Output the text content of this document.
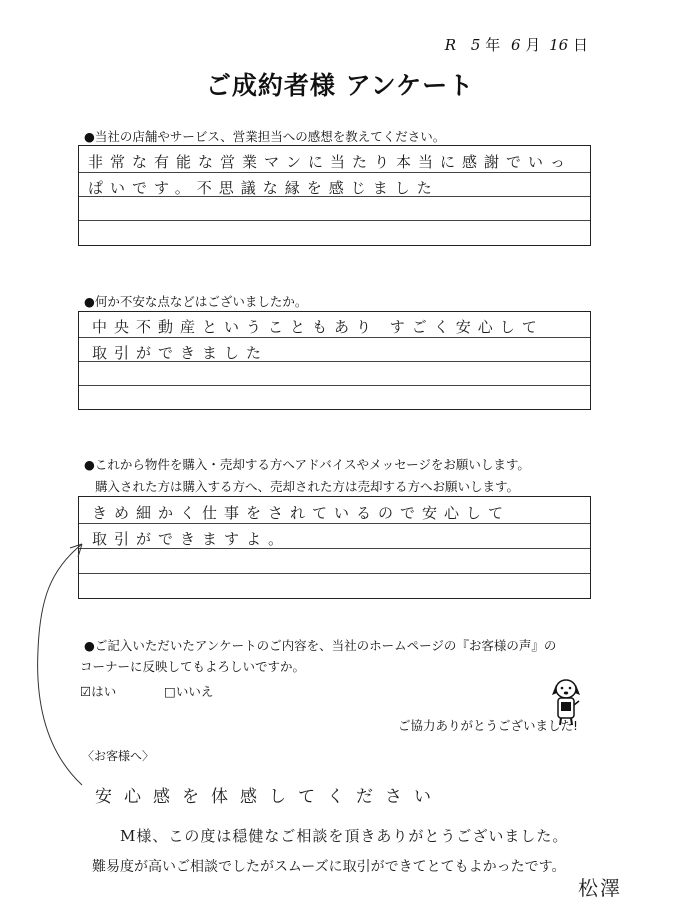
R 5 年 6 月 16 日
ご成約者様 アンケート
●当社の店舗やサービス、営業担当への感想を教えてください。
非常な有能な営業マンに当たり本当に感謝でいっ
ぱいです。不思議な縁を感じました
●何か不安な点などはございましたか。
中央不動産ということもあり すごく安心して
取引ができました
●これから物件を購入・売却する方へアドバイスやメッセージをお願いします。
購入された方は購入する方へ、売却された方は売却する方へお願いします。
きめ細かく仕事をされているので安心して
取引ができますよ。
●ご記入いただいたアンケートのご内容を、当社のホームページの『お客様の声』の
コーナーに反映してもよろしいですか。
☑はい	□いいえ
ご協力ありがとうございました!
〈お客様へ〉
安心感を体感してください
M様、この度は穏健なご相談を頂きありがとうございました。
難易度が高いご相談でしたがスムーズに取引ができてとてもよかったです。
松澤
